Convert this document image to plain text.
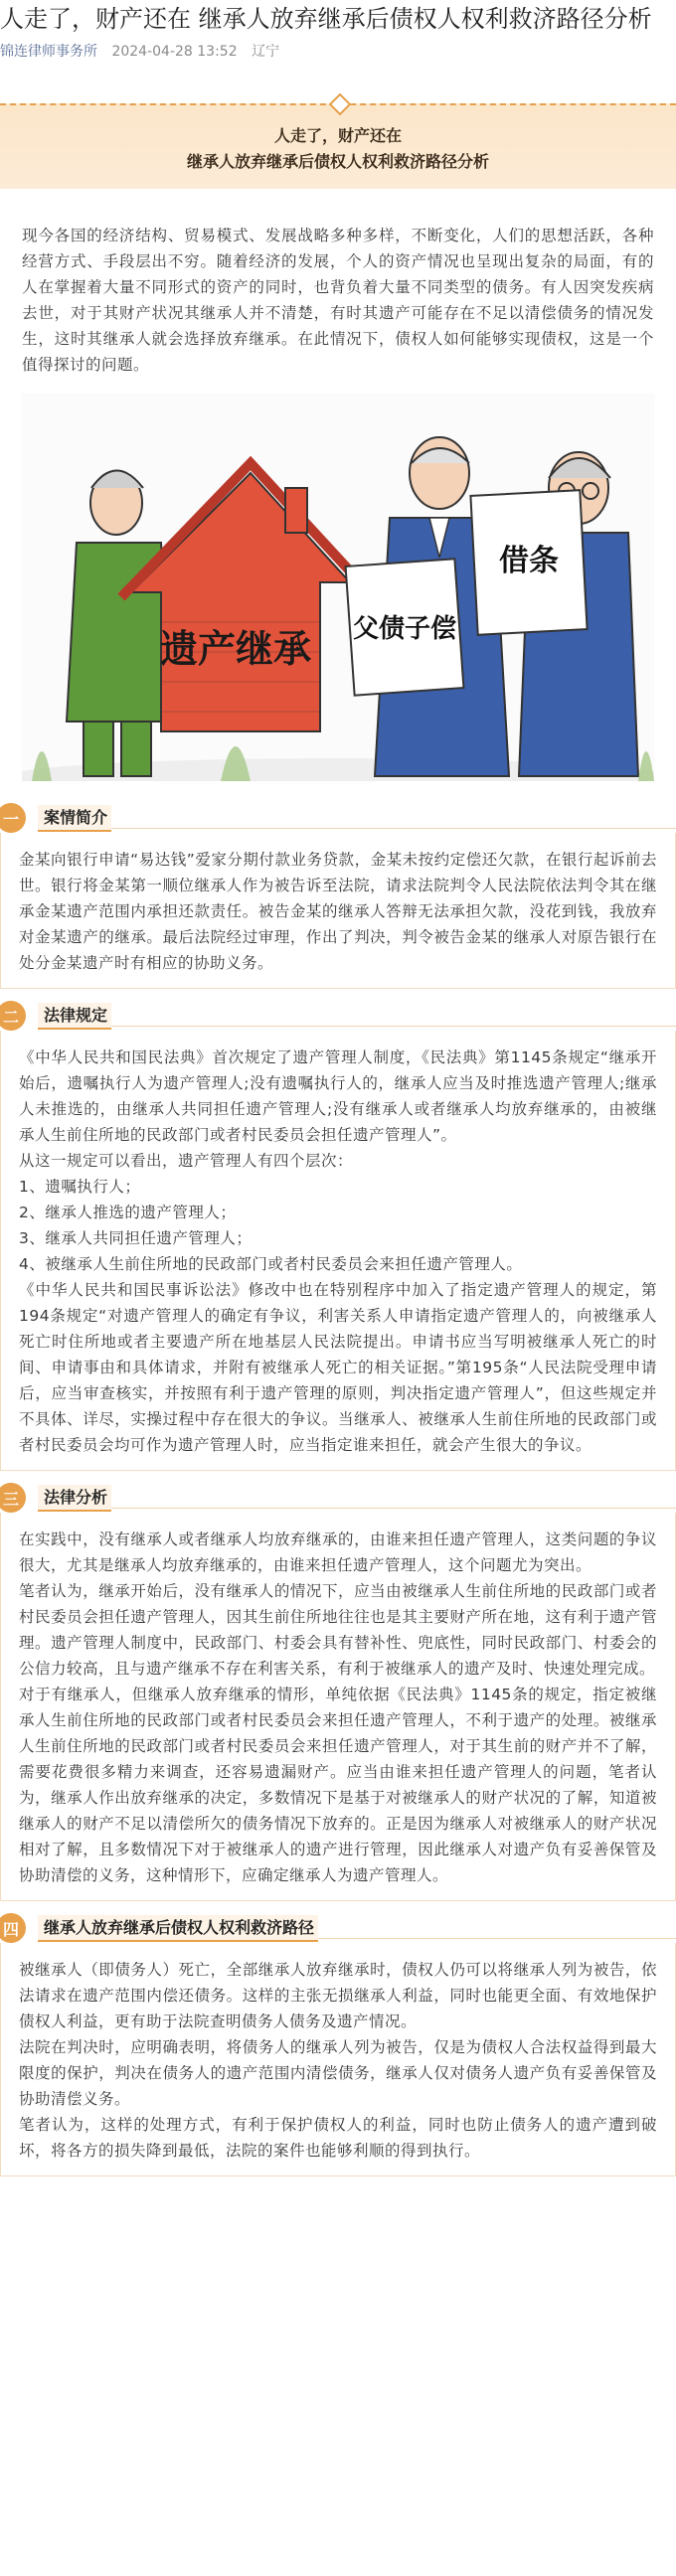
人走了，财产还在 继承人放弃继承后债权人权利救济路径分析
锦连律师事务所 2024-04-28 13:52 辽宁
人走了，财产还在
继承人放弃继承后债权人权利救济路径分析

现今各国的经济结构、贸易模式、发展战略多种多样，不断变化，人们的思想活跃，各种经营方式、手段层出不穷。随着经济的发展，个人的资产情况也呈现出复杂的局面，有的人在掌握着大量不同形式的资产的同时，也背负着大量不同类型的债务。有人因突发疾病去世，对于其财产状况其继承人并不清楚，有时其遗产可能存在不足以清偿债务的情况发生，这时其继承人就会选择放弃继承。在此情况下，债权人如何能够实现债权，这是一个值得探讨的问题。

遗产继承 父债子偿
借条
一	案情简介

金某向银行申请“易达钱”爱家分期付款业务贷款，金某未按约定偿还欠款，在银行起诉前去世。银行将金某第一顺位继承人作为被告诉至法院，请求法院判令人民法院依法判令其在继承金某遗产范围内承担还款责任。被告金某的继承人答辩无法承担欠款，没花到钱，我放弃对金某遗产的继承。最后法院经过审理，作出了判决，判令被告金某的继承人对原告银行在处分金某遗产时有相应的协助义务。

二	法律规定

《中华人民共和国民法典》首次规定了遗产管理人制度，《民法典》第1145条规定“继承开始后，遗嘱执行人为遗产管理人;没有遗嘱执行人的，继承人应当及时推选遗产管理人;继承人未推选的，由继承人共同担任遗产管理人;没有继承人或者继承人均放弃继承的，由被继承人生前住所地的民政部门或者村民委员会担任遗产管理人”。

从这一规定可以看出，遗产管理人有四个层次：

1、遗嘱执行人；

2、继承人推选的遗产管理人；

3、继承人共同担任遗产管理人；

4、被继承人生前住所地的民政部门或者村民委员会来担任遗产管理人。

《中华人民共和国民事诉讼法》修改中也在特别程序中加入了指定遗产管理人的规定，第194条规定“对遗产管理人的确定有争议，利害关系人申请指定遗产管理人的，向被继承人死亡时住所地或者主要遗产所在地基层人民法院提出。申请书应当写明被继承人死亡的时间、申请事由和具体请求，并附有被继承人死亡的相关证据。”第195条“人民法院受理申请后，应当审查核实，并按照有利于遗产管理的原则，判决指定遗产管理人”，但这些规定并不具体、详尽，实操过程中存在很大的争议。当继承人、被继承人生前住所地的民政部门或者村民委员会均可作为遗产管理人时，应当指定谁来担任，就会产生很大的争议。

三	法律分析

在实践中，没有继承人或者继承人均放弃继承的，由谁来担任遗产管理人，这类问题的争议很大，尤其是继承人均放弃继承的，由谁来担任遗产管理人，这个问题尤为突出。

笔者认为，继承开始后，没有继承人的情况下，应当由被继承人生前住所地的民政部门或者村民委员会担任遗产管理人，因其生前住所地往往也是其主要财产所在地，这有利于遗产管理。遗产管理人制度中，民政部门、村委会具有替补性、兜底性，同时民政部门、村委会的公信力较高，且与遗产继承不存在利害关系，有利于被继承人的遗产及时、快速处理完成。

对于有继承人，但继承人放弃继承的情形，单纯依据《民法典》1145条的规定，指定被继承人生前住所地的民政部门或者村民委员会来担任遗产管理人，不利于遗产的处理。被继承人生前住所地的民政部门或者村民委员会来担任遗产管理人，对于其生前的财产并不了解，需要花费很多精力来调查，还容易遗漏财产。应当由谁来担任遗产管理人的问题，笔者认为，继承人作出放弃继承的决定，多数情况下是基于对被继承人的财产状况的了解，知道被继承人的财产不足以清偿所欠的债务情况下放弃的。正是因为继承人对被继承人的财产状况相对了解，且多数情况下对于被继承人的遗产进行管理，因此继承人对遗产负有妥善保管及协助清偿的义务，这种情形下，应确定继承人为遗产管理人。

四	继承人放弃继承后债权人权利救济路径

被继承人（即债务人）死亡，全部继承人放弃继承时，债权人仍可以将继承人列为被告，依法请求在遗产范围内偿还债务。这样的主张无损继承人利益，同时也能更全面、有效地保护债权人利益，更有助于法院查明债务人债务及遗产情况。

法院在判决时，应明确表明，将债务人的继承人列为被告，仅是为债权人合法权益得到最大限度的保护，判决在债务人的遗产范围内清偿债务，继承人仅对债务人遗产负有妥善保管及协助清偿义务。

笔者认为，这样的处理方式，有利于保护债权人的利益，同时也防止债务人的遗产遭到破坏，将各方的损失降到最低，法院的案件也能够利顺的得到执行。
